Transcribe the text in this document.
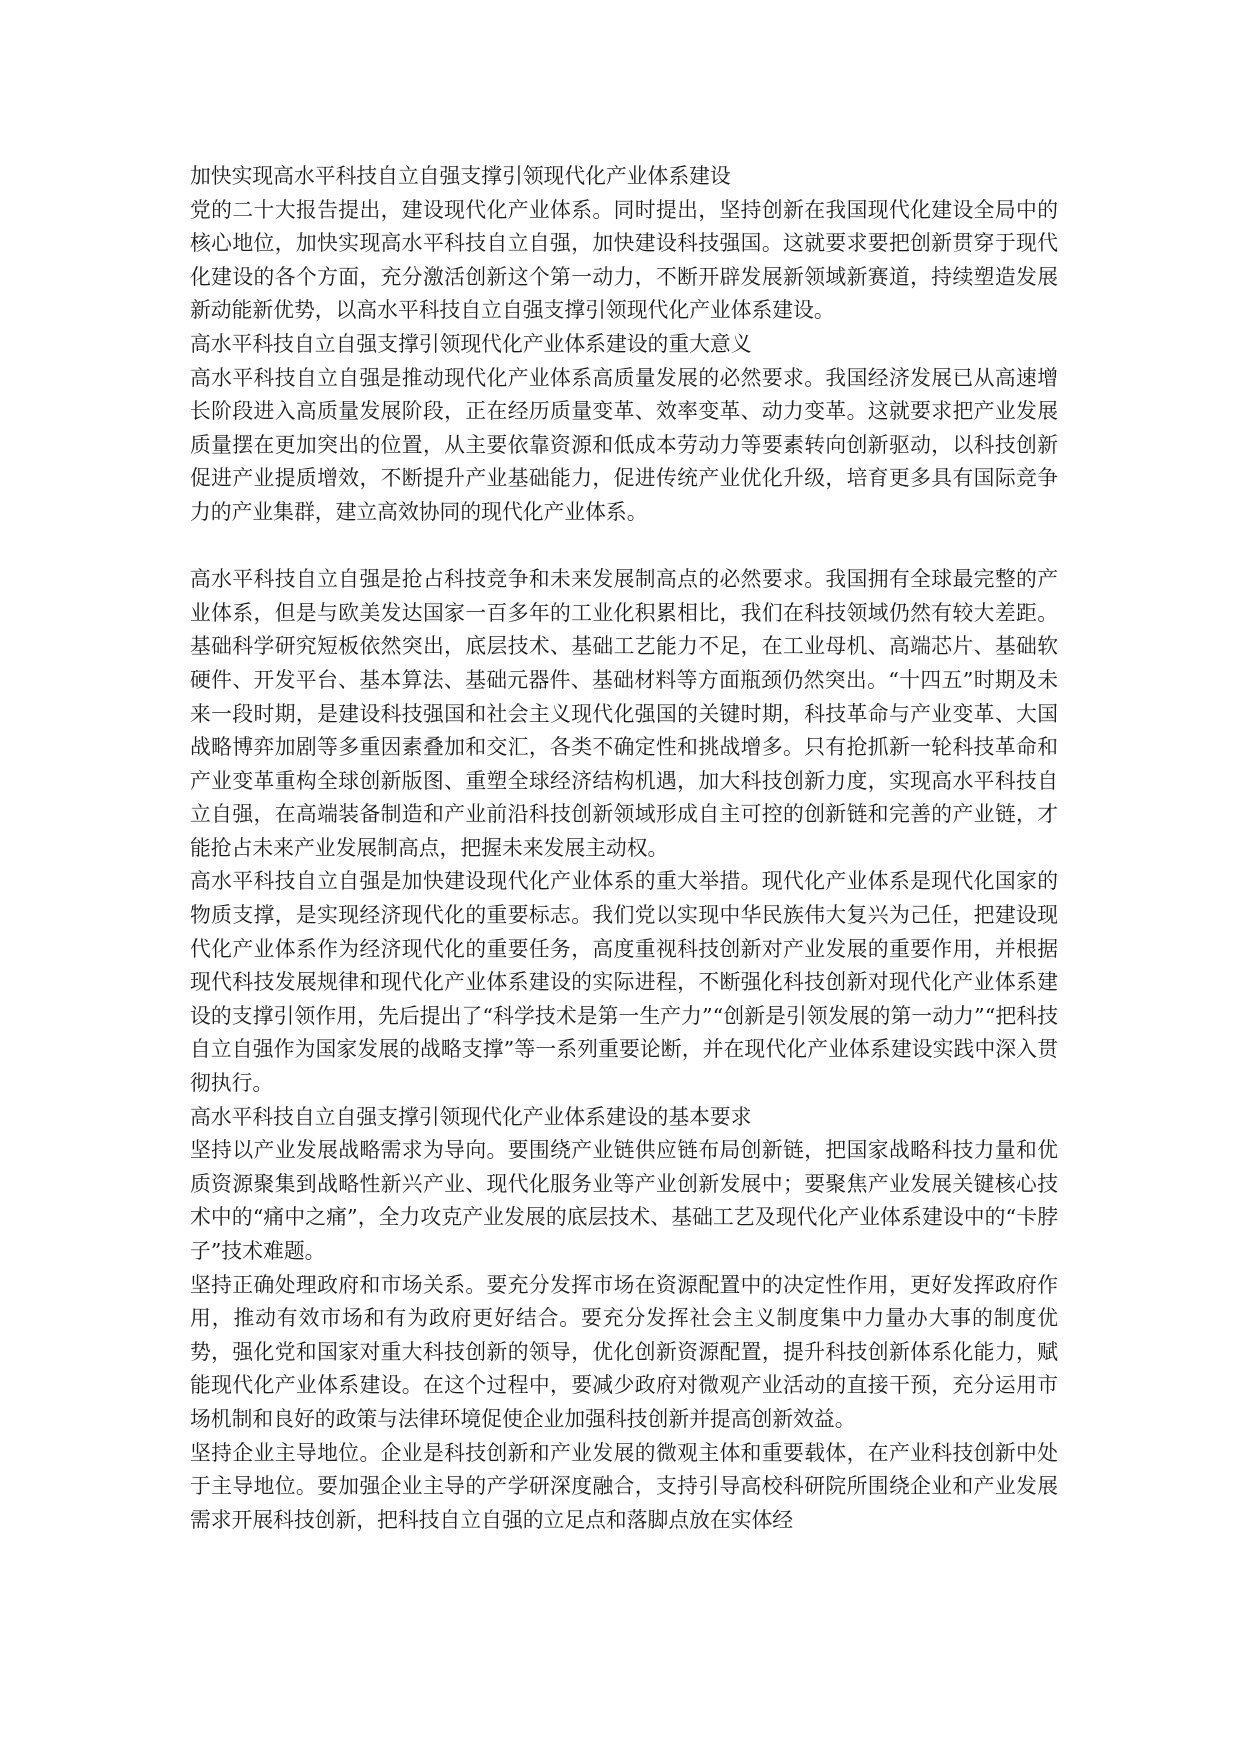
加快实现高水平科技自立自强支撑引领现代化产业体系建设

党的二十大报告提出，建设现代化产业体系。同时提出，坚持创新在我国现代化建设全局中的核心地位，加快实现高水平科技自立自强，加快建设科技强国。这就要求要把创新贯穿于现代化建设的各个方面，充分激活创新这个第一动力，不断开辟发展新领域新赛道，持续塑造发展新动能新优势，以高水平科技自立自强支撑引领现代化产业体系建设。

高水平科技自立自强支撑引领现代化产业体系建设的重大意义

高水平科技自立自强是推动现代化产业体系高质量发展的必然要求。我国经济发展已从高速增长阶段进入高质量发展阶段，正在经历质量变革、效率变革、动力变革。这就要求把产业发展质量摆在更加突出的位置，从主要依靠资源和低成本劳动力等要素转向创新驱动，以科技创新促进产业提质增效，不断提升产业基础能力，促进传统产业优化升级，培育更多具有国际竞争力的产业集群，建立高效协同的现代化产业体系。

高水平科技自立自强是抢占科技竞争和未来发展制高点的必然要求。我国拥有全球最完整的产业体系，但是与欧美发达国家一百多年的工业化积累相比，我们在科技领域仍然有较大差距。基础科学研究短板依然突出，底层技术、基础工艺能力不足，在工业母机、高端芯片、基础软硬件、开发平台、基本算法、基础元器件、基础材料等方面瓶颈仍然突出。“十四五”时期及未来一段时期，是建设科技强国和社会主义现代化强国的关键时期，科技革命与产业变革、大国战略博弈加剧等多重因素叠加和交汇，各类不确定性和挑战增多。只有抢抓新一轮科技革命和产业变革重构全球创新版图、重塑全球经济结构机遇，加大科技创新力度，实现高水平科技自立自强，在高端装备制造和产业前沿科技创新领域形成自主可控的创新链和完善的产业链，才能抢占未来产业发展制高点，把握未来发展主动权。

高水平科技自立自强是加快建设现代化产业体系的重大举措。现代化产业体系是现代化国家的物质支撑，是实现经济现代化的重要标志。我们党以实现中华民族伟大复兴为己任，把建设现代化产业体系作为经济现代化的重要任务，高度重视科技创新对产业发展的重要作用，并根据现代科技发展规律和现代化产业体系建设的实际进程，不断强化科技创新对现代化产业体系建设的支撑引领作用，先后提出了“科学技术是第一生产力”“创新是引领发展的第一动力”“把科技自立自强作为国家发展的战略支撑”等一系列重要论断，并在现代化产业体系建设实践中深入贯彻执行。

高水平科技自立自强支撑引领现代化产业体系建设的基本要求

坚持以产业发展战略需求为导向。要围绕产业链供应链布局创新链，把国家战略科技力量和优质资源聚集到战略性新兴产业、现代化服务业等产业创新发展中；要聚焦产业发展关键核心技术中的“痛中之痛”，全力攻克产业发展的底层技术、基础工艺及现代化产业体系建设中的“卡脖子”技术难题。

坚持正确处理政府和市场关系。要充分发挥市场在资源配置中的决定性作用，更好发挥政府作用，推动有效市场和有为政府更好结合。要充分发挥社会主义制度集中力量办大事的制度优势，强化党和国家对重大科技创新的领导，优化创新资源配置，提升科技创新体系化能力，赋能现代化产业体系建设。在这个过程中，要减少政府对微观产业活动的直接干预，充分运用市场机制和良好的政策与法律环境促使企业加强科技创新并提高创新效益。

坚持企业主导地位。企业是科技创新和产业发展的微观主体和重要载体，在产业科技创新中处于主导地位。要加强企业主导的产学研深度融合，支持引导高校科研院所围绕企业和产业发展需求开展科技创新，把科技自立自强的立足点和落脚点放在实体经
